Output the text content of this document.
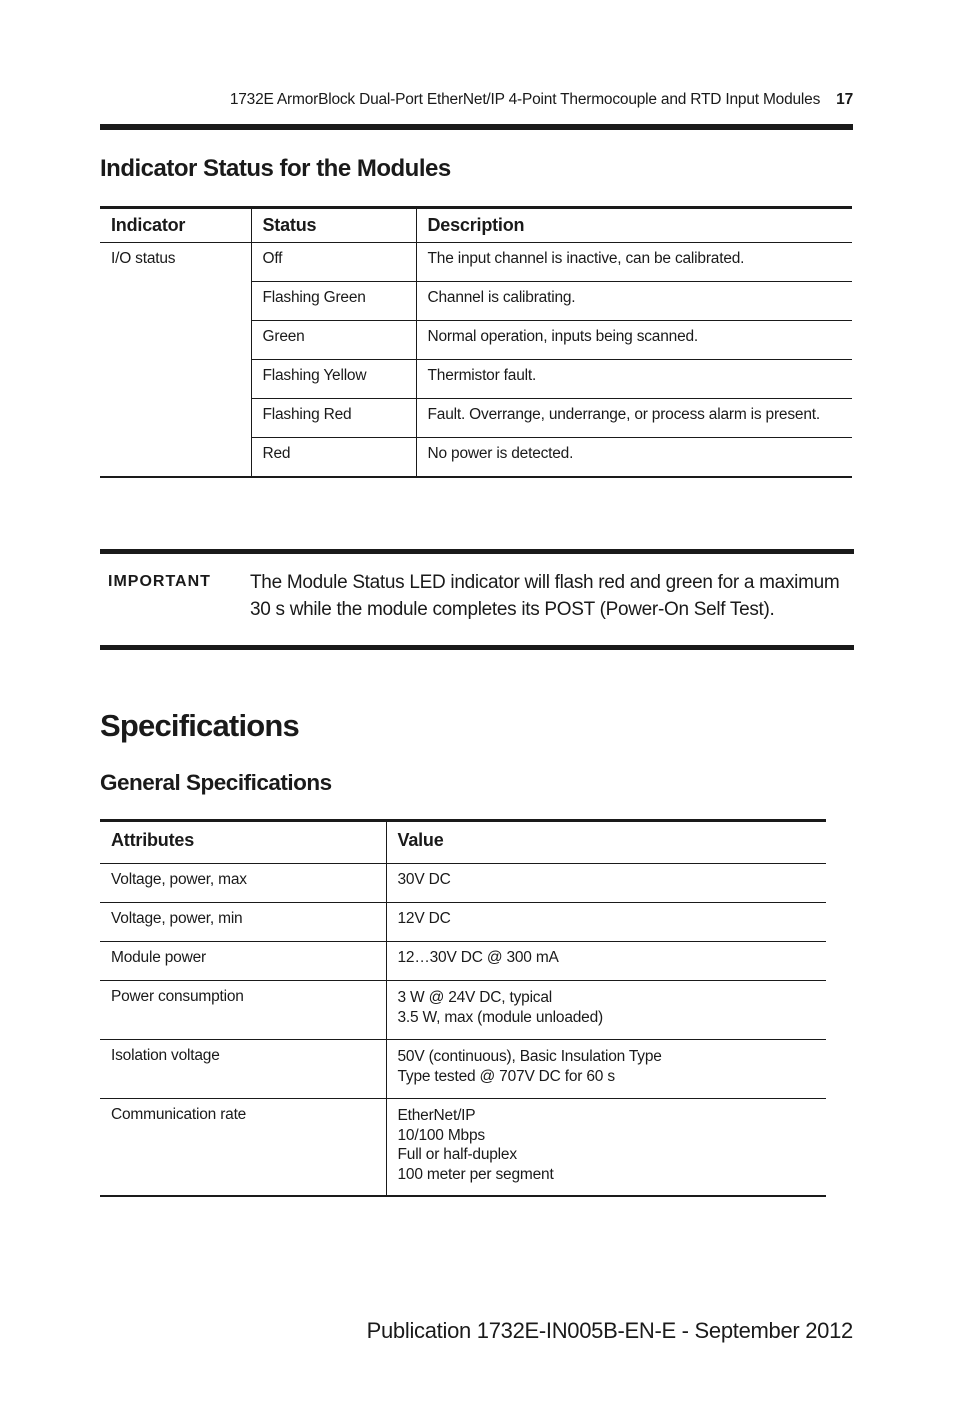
1732E ArmorBlock Dual-Port EtherNet/IP 4-Point Thermocouple and RTD Input Modules 17
Indicator Status for the Modules
Indicator	Status	Description
I/O status	Off	The input channel is inactive, can be calibrated.
	Flashing Green	Channel is calibrating.
	Green	Normal operation, inputs being scanned.
	Flashing Yellow	Thermistor fault.
	Flashing Red	Fault. Overrange, underrange, or process alarm is present.
	Red	No power is detected.
IMPORTANT The Module Status LED indicator will flash red and green for a maximum 30 s while the module completes its POST (Power-On Self Test).
Specifications
General Specifications
Attributes	Value
Voltage, power, max	30V DC
Voltage, power, min	12V DC
Module power	12…30V DC @ 300 mA
Power consumption	3 W @ 24V DC, typical
3.5 W, max (module unloaded)

Isolation voltage	50V (continuous), Basic Insulation Type
Type tested @ 707V DC for 60 s

Communication rate	EtherNet/IP
10/100 Mbps
Full or half-duplex
100 meter per segment
Publication 1732E-IN005B-EN-E - September 2012
